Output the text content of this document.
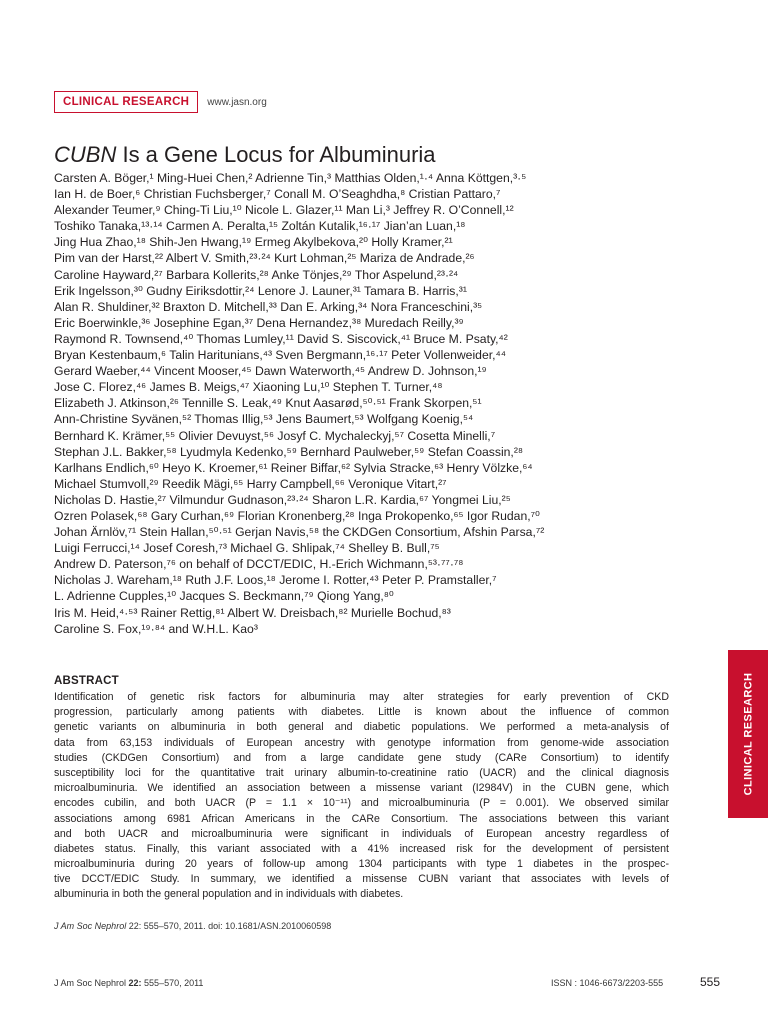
CLINICAL RESEARCH	www.jasn.org
CUBN Is a Gene Locus for Albuminuria
Carsten A. Böger,¹ Ming-Huei Chen,² Adrienne Tin,³ Matthias Olden,¹·⁴ Anna Köttgen,³·⁵
Ian H. de Boer,⁶ Christian Fuchsberger,⁷ Conall M. O’Seaghdha,⁸ Cristian Pattaro,⁷
Alexander Teumer,⁹ Ching-Ti Liu,¹⁰ Nicole L. Glazer,¹¹ Man Li,³ Jeffrey R. O’Connell,¹²
Toshiko Tanaka,¹³·¹⁴ Carmen A. Peralta,¹⁵ Zoltán Kutalik,¹⁶·¹⁷ Jian’an Luan,¹⁸
Jing Hua Zhao,¹⁸ Shih-Jen Hwang,¹⁹ Ermeg Akylbekova,²⁰ Holly Kramer,²¹
Pim van der Harst,²² Albert V. Smith,²³·²⁴ Kurt Lohman,²⁵ Mariza de Andrade,²⁶
Caroline Hayward,²⁷ Barbara Kollerits,²⁸ Anke Tönjes,²⁹ Thor Aspelund,²³·²⁴
Erik Ingelsson,³⁰ Gudny Eiriksdottir,²⁴ Lenore J. Launer,³¹ Tamara B. Harris,³¹
Alan R. Shuldiner,³² Braxton D. Mitchell,³³ Dan E. Arking,³⁴ Nora Franceschini,³⁵
Eric Boerwinkle,³⁶ Josephine Egan,³⁷ Dena Hernandez,³⁸ Muredach Reilly,³⁹
Raymond R. Townsend,⁴⁰ Thomas Lumley,¹¹ David S. Siscovick,⁴¹ Bruce M. Psaty,⁴²
Bryan Kestenbaum,⁶ Talin Haritunians,⁴³ Sven Bergmann,¹⁶·¹⁷ Peter Vollenweider,⁴⁴
Gerard Waeber,⁴⁴ Vincent Mooser,⁴⁵ Dawn Waterworth,⁴⁵ Andrew D. Johnson,¹⁹
Jose C. Florez,⁴⁶ James B. Meigs,⁴⁷ Xiaoning Lu,¹⁰ Stephen T. Turner,⁴⁸
Elizabeth J. Atkinson,²⁶ Tennille S. Leak,⁴⁹ Knut Aasarød,⁵⁰·⁵¹ Frank Skorpen,⁵¹
Ann-Christine Syvänen,⁵² Thomas Illig,⁵³ Jens Baumert,⁵³ Wolfgang Koenig,⁵⁴
Bernhard K. Krämer,⁵⁵ Olivier Devuyst,⁵⁶ Josyf C. Mychaleckyj,⁵⁷ Cosetta Minelli,⁷
Stephan J.L. Bakker,⁵⁸ Lyudmyla Kedenko,⁵⁹ Bernhard Paulweber,⁵⁹ Stefan Coassin,²⁸
Karlhans Endlich,⁶⁰ Heyo K. Kroemer,⁶¹ Reiner Biffar,⁶² Sylvia Stracke,⁶³ Henry Völzke,⁶⁴
Michael Stumvoll,²⁹ Reedik Mägi,⁶⁵ Harry Campbell,⁶⁶ Veronique Vitart,²⁷
Nicholas D. Hastie,²⁷ Vilmundur Gudnason,²³·²⁴ Sharon L.R. Kardia,⁶⁷ Yongmei Liu,²⁵
Ozren Polasek,⁶⁸ Gary Curhan,⁶⁹ Florian Kronenberg,²⁸ Inga Prokopenko,⁶⁵ Igor Rudan,⁷⁰
Johan Ärnlöv,⁷¹ Stein Hallan,⁵⁰·⁵¹ Gerjan Navis,⁵⁸ the CKDGen Consortium, Afshin Parsa,⁷²
Luigi Ferrucci,¹⁴ Josef Coresh,⁷³ Michael G. Shlipak,⁷⁴ Shelley B. Bull,⁷⁵
Andrew D. Paterson,⁷⁶ on behalf of DCCT/EDIC, H.-Erich Wichmann,⁵³·⁷⁷·⁷⁸
Nicholas J. Wareham,¹⁸ Ruth J.F. Loos,¹⁸ Jerome I. Rotter,⁴³ Peter P. Pramstaller,⁷
L. Adrienne Cupples,¹⁰ Jacques S. Beckmann,⁷⁹ Qiong Yang,⁸⁰
Iris M. Heid,⁴·⁵³ Rainer Rettig,⁸¹ Albert W. Dreisbach,⁸² Murielle Bochud,⁸³
Caroline S. Fox,¹⁹·⁸⁴ and W.H.L. Kao³
ABSTRACT
Identification of genetic risk factors for albuminuria may alter strategies for early prevention of CKD
progression, particularly among patients with diabetes. Little is known about the influence of common
genetic variants on albuminuria in both general and diabetic populations. We performed a meta-analysis of
data from 63,153 individuals of European ancestry with genotype information from genome-wide association
studies (CKDGen Consortium) and from a large candidate gene study (CARe Consortium) to identify
susceptibility loci for the quantitative trait urinary albumin-to-creatinine ratio (UACR) and the clinical diagnosis
microalbuminuria. We identified an association between a missense variant (I2984V) in the CUBN gene, which
encodes cubilin, and both UACR (P = 1.1 × 10⁻¹¹) and microalbuminuria (P = 0.001). We observed similar
associations among 6981 African Americans in the CARe Consortium. The associations between this variant
and both UACR and microalbuminuria were significant in individuals of European ancestry regardless of
diabetes status. Finally, this variant associated with a 41% increased risk for the development of persistent
microalbuminuria during 20 years of follow-up among 1304 participants with type 1 diabetes in the prospec-
tive DCCT/EDIC Study. In summary, we identified a missense CUBN variant that associates with levels of
albuminuria in both the general population and in individuals with diabetes.
J Am Soc Nephrol 22: 555–570, 2011. doi: 10.1681/ASN.2010060598
J Am Soc Nephrol 22: 555–570, 2011	ISSN : 1046-6673/2203-555	555
CLINICAL RESEARCH
